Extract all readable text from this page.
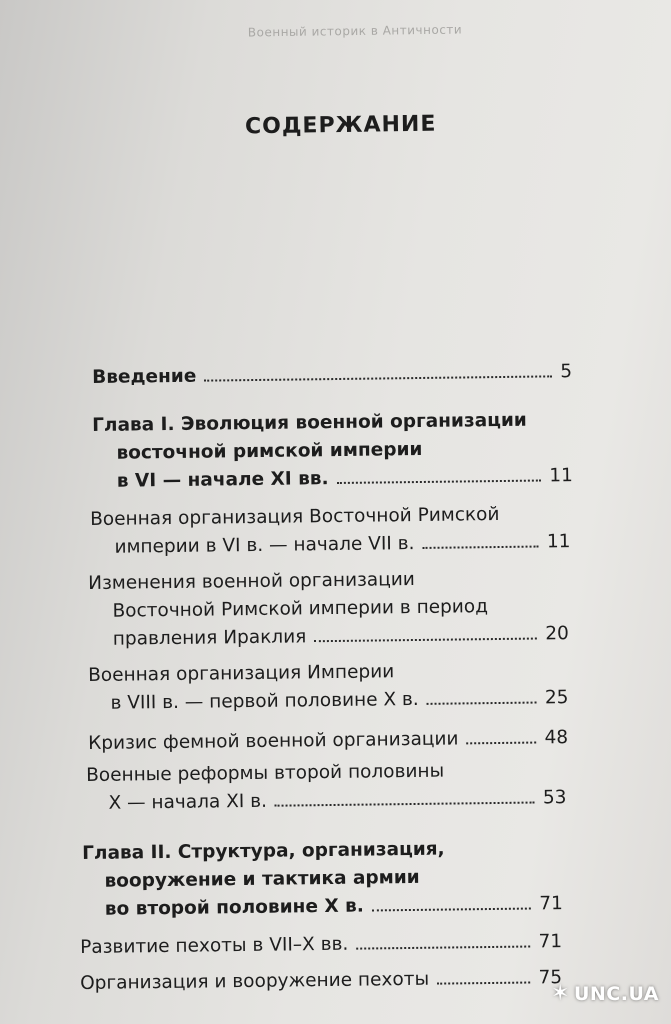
Военный историк в Античности
СОДЕРЖАНИЕ
Введение	5
Глава I. Эволюция военной организации
восточной римской империи
в VI — начале XI вв.	11
Военная организация Восточной Римской
империи в VI в. — начале VII в.	11
Изменения военной организации
Восточной Римской империи в период
правления Ираклия	20
Военная организация Империи
в VIII в. — первой половине X в.	25
Кризис фемной военной организации	48
Военные реформы второй половины
X — начала XI в.	53
Глава II. Структура, организация,
вооружение и тактика армии
во второй половине X в.	71
Развитие пехоты в VII–X вв.	71
Организация и вооружение пехоты	75
✶ UNC.UA
